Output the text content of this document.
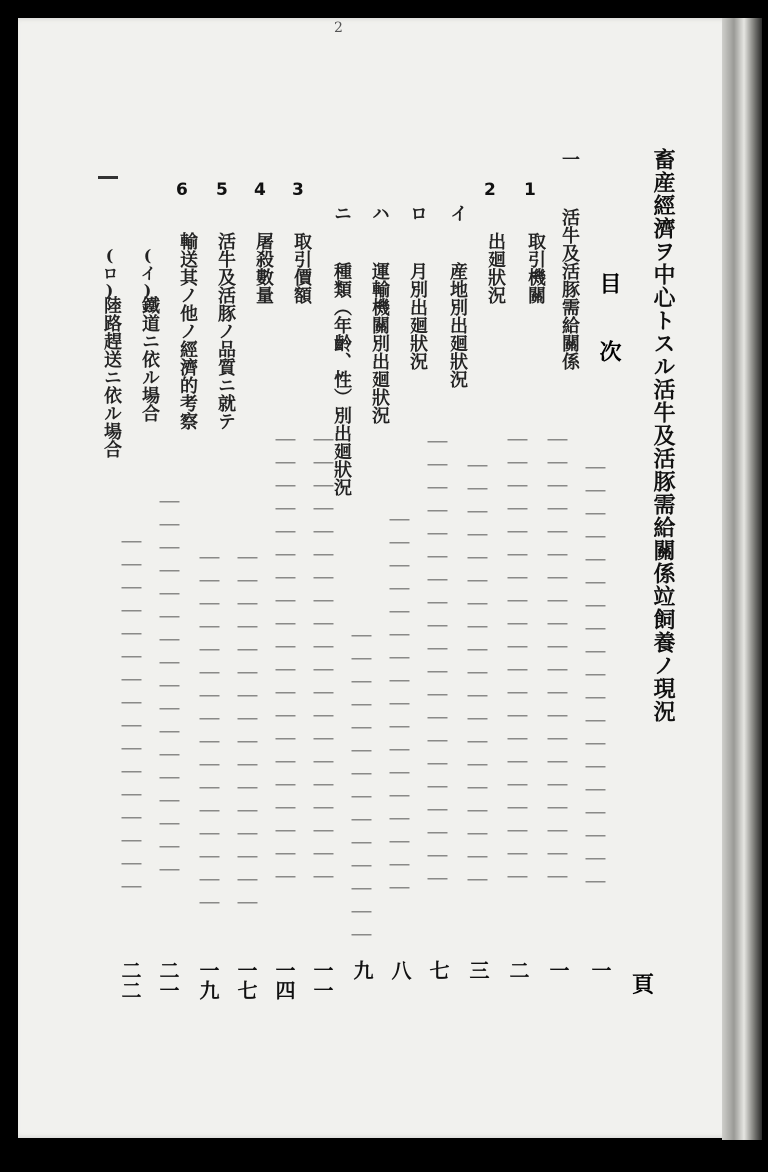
2
畜産經濟ヲ中心トスル活牛及活豚需給關係竝飼養ノ現況
目　次
頁
一
活牛及活豚需給關係
｜｜｜｜｜｜｜｜｜｜｜｜｜｜｜｜｜｜｜
一
1
取引機關
｜｜｜｜｜｜｜｜｜｜｜｜｜｜｜｜｜｜｜｜
一
2
出廻狀況
｜｜｜｜｜｜｜｜｜｜｜｜｜｜｜｜｜｜｜｜
二
イ
産地別出廻狀況
｜｜｜｜｜｜｜｜｜｜｜｜｜｜｜｜｜｜｜
三
ロ
月別出廻狀況
｜｜｜｜｜｜｜｜｜｜｜｜｜｜｜｜｜｜｜｜
七
ハ
運輸機關別出廻狀況
｜｜｜｜｜｜｜｜｜｜｜｜｜｜｜｜｜
八
ニ
種類（年齡、性）別出廻狀況
｜｜｜｜｜｜｜｜｜｜｜｜｜｜
九
3
取引價額
｜｜｜｜｜｜｜｜｜｜｜｜｜｜｜｜｜｜｜｜
一一
4
屠殺數量
｜｜｜｜｜｜｜｜｜｜｜｜｜｜｜｜｜｜｜｜
一四
5
活牛及活豚ノ品質ニ就テ
｜｜｜｜｜｜｜｜｜｜｜｜｜｜｜｜
一七
6
輸送其ノ他ノ經濟的考察
｜｜｜｜｜｜｜｜｜｜｜｜｜｜｜｜
一九
(イ)
鐵道ニ依ル場合
｜｜｜｜｜｜｜｜｜｜｜｜｜｜｜｜｜
二一
(ロ)
陸路趕送ニ依ル場合
｜｜｜｜｜｜｜｜｜｜｜｜｜｜｜｜
二二
